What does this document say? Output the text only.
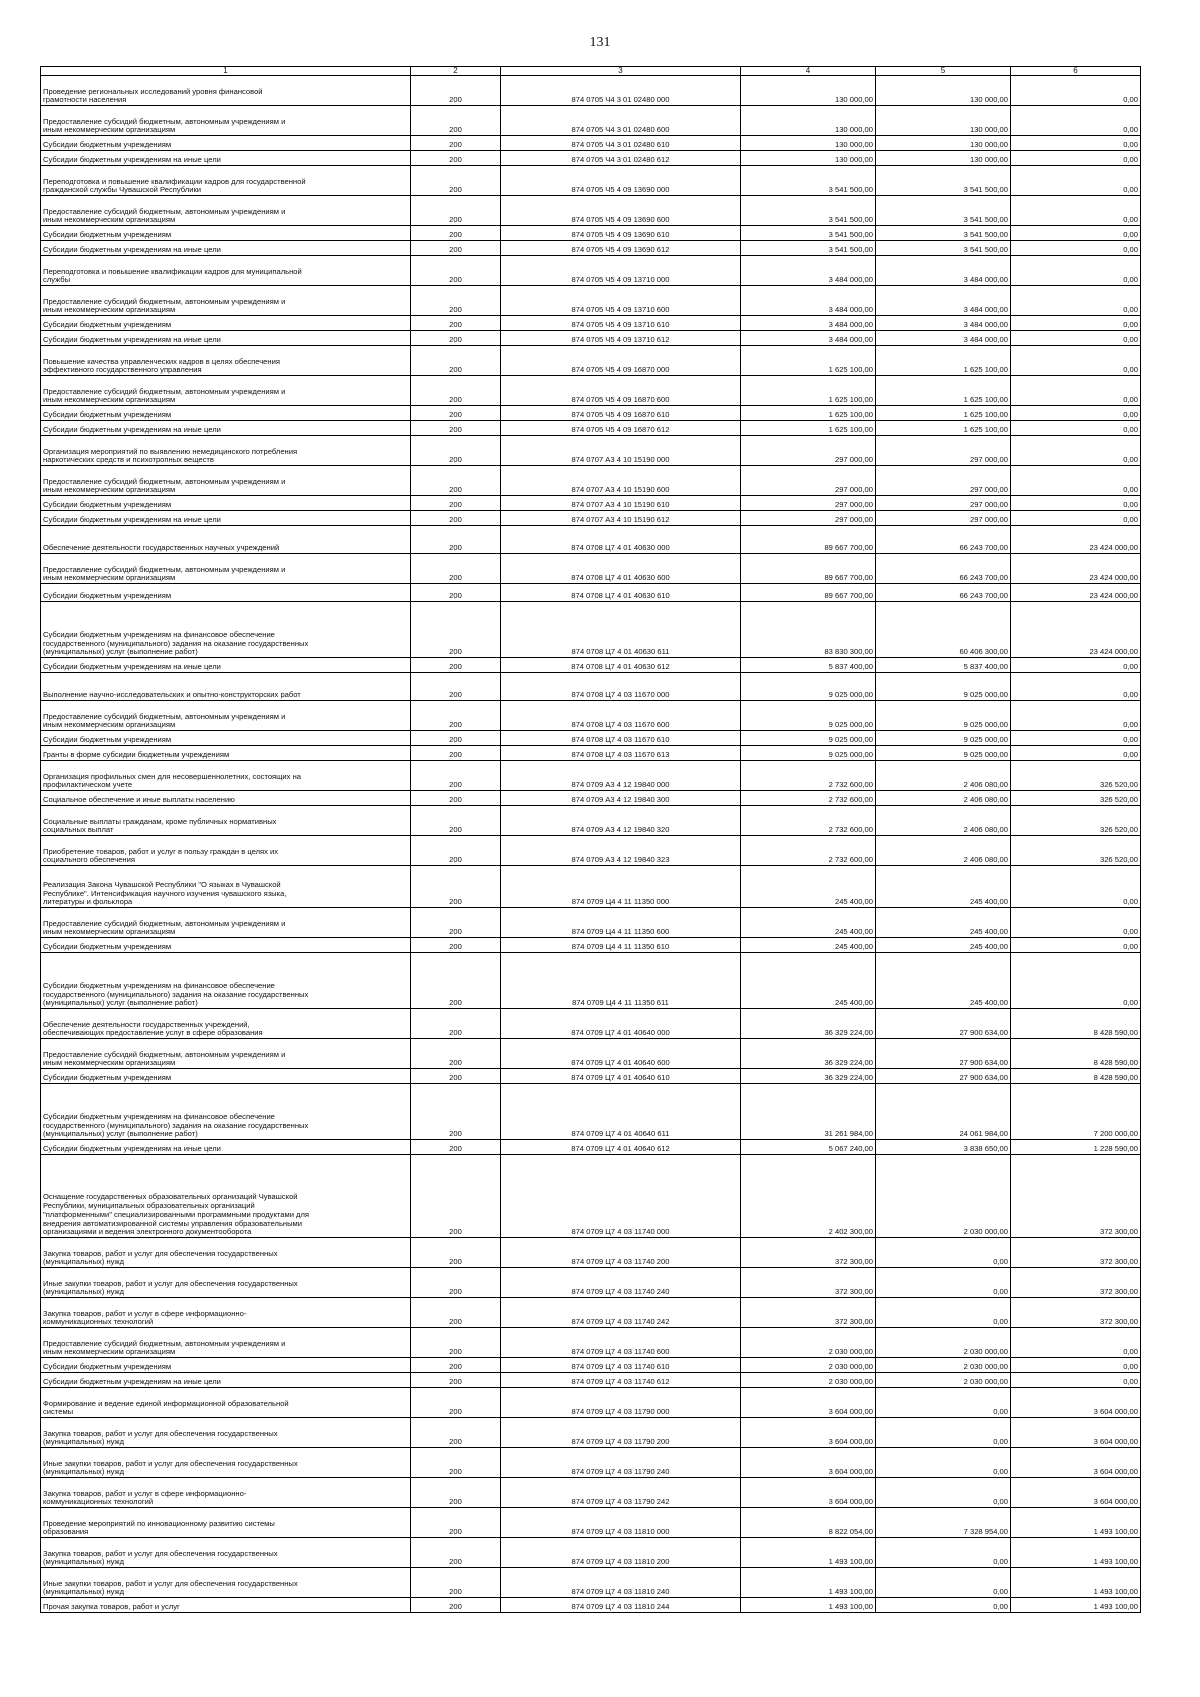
131
1	2	3	4	5	6
Проведение региональных исследований уровня финансовой
грамотности населения	200	874 0705 Ч4 3 01 02480 000	130 000,00	130 000,00	0,00
Предоставление субсидий бюджетным, автономным учреждениям и
иным некоммерческим организациям	200	874 0705 Ч4 3 01 02480 600	130 000,00	130 000,00	0,00
Субсидии бюджетным учреждениям	200	874 0705 Ч4 3 01 02480 610	130 000,00	130 000,00	0,00
Субсидии бюджетным учреждениям на иные цели	200	874 0705 Ч4 3 01 02480 612	130 000,00	130 000,00	0,00
Переподготовка и повышение квалификации кадров для государственной
гражданской службы Чувашской Республики	200	874 0705 Ч5 4 09 13690 000	3 541 500,00	3 541 500,00	0,00
Предоставление субсидий бюджетным, автономным учреждениям и
иным некоммерческим организациям	200	874 0705 Ч5 4 09 13690 600	3 541 500,00	3 541 500,00	0,00
Субсидии бюджетным учреждениям	200	874 0705 Ч5 4 09 13690 610	3 541 500,00	3 541 500,00	0,00
Субсидии бюджетным учреждениям на иные цели	200	874 0705 Ч5 4 09 13690 612	3 541 500,00	3 541 500,00	0,00
Переподготовка и повышение квалификации кадров для муниципальной
службы	200	874 0705 Ч5 4 09 13710 000	3 484 000,00	3 484 000,00	0,00
Предоставление субсидий бюджетным, автономным учреждениям и
иным некоммерческим организациям	200	874 0705 Ч5 4 09 13710 600	3 484 000,00	3 484 000,00	0,00
Субсидии бюджетным учреждениям	200	874 0705 Ч5 4 09 13710 610	3 484 000,00	3 484 000,00	0,00
Субсидии бюджетным учреждениям на иные цели	200	874 0705 Ч5 4 09 13710 612	3 484 000,00	3 484 000,00	0,00
Повышение качества управленческих кадров в целях обеспечения
эффективного государственного управления	200	874 0705 Ч5 4 09 16870 000	1 625 100,00	1 625 100,00	0,00
Предоставление субсидий бюджетным, автономным учреждениям и
иным некоммерческим организациям	200	874 0705 Ч5 4 09 16870 600	1 625 100,00	1 625 100,00	0,00
Субсидии бюджетным учреждениям	200	874 0705 Ч5 4 09 16870 610	1 625 100,00	1 625 100,00	0,00
Субсидии бюджетным учреждениям на иные цели	200	874 0705 Ч5 4 09 16870 612	1 625 100,00	1 625 100,00	0,00
Организация мероприятий по выявлению немедицинского потребления
наркотических средств и психотропных веществ	200	874 0707 А3 4 10 15190 000	297 000,00	297 000,00	0,00
Предоставление субсидий бюджетным, автономным учреждениям и
иным некоммерческим организациям	200	874 0707 А3 4 10 15190 600	297 000,00	297 000,00	0,00
Субсидии бюджетным учреждениям	200	874 0707 А3 4 10 15190 610	297 000,00	297 000,00	0,00
Субсидии бюджетным учреждениям на иные цели	200	874 0707 А3 4 10 15190 612	297 000,00	297 000,00	0,00
Обеспечение деятельности государственных научных учреждений	200	874 0708 Ц7 4 01 40630 000	89 667 700,00	66 243 700,00	23 424 000,00
Предоставление субсидий бюджетным, автономным учреждениям и
иным некоммерческим организациям	200	874 0708 Ц7 4 01 40630 600	89 667 700,00	66 243 700,00	23 424 000,00
Субсидии бюджетным учреждениям	200	874 0708 Ц7 4 01 40630 610	89 667 700,00	66 243 700,00	23 424 000,00
Субсидии бюджетным учреждениям на финансовое обеспечение
государственного (муниципального) задания на оказание государственных
(муниципальных) услуг (выполнение работ)	200	874 0708 Ц7 4 01 40630 611	83 830 300,00	60 406 300,00	23 424 000,00
Субсидии бюджетным учреждениям на иные цели	200	874 0708 Ц7 4 01 40630 612	5 837 400,00	5 837 400,00	0,00
Выполнение научно-исследовательских и опытно-конструкторских работ	200	874 0708 Ц7 4 03 11670 000	9 025 000,00	9 025 000,00	0,00
Предоставление субсидий бюджетным, автономным учреждениям и
иным некоммерческим организациям	200	874 0708 Ц7 4 03 11670 600	9 025 000,00	9 025 000,00	0,00
Субсидии бюджетным учреждениям	200	874 0708 Ц7 4 03 11670 610	9 025 000,00	9 025 000,00	0,00
Гранты в форме субсидии бюджетным учреждениям	200	874 0708 Ц7 4 03 11670 613	9 025 000,00	9 025 000,00	0,00
Организация профильных смен для несовершеннолетних, состоящих на
профилактическом учете	200	874 0709 А3 4 12 19840 000	2 732 600,00	2 406 080,00	326 520,00
Социальное обеспечение и иные выплаты населению	200	874 0709 А3 4 12 19840 300	2 732 600,00	2 406 080,00	326 520,00
Социальные выплаты гражданам, кроме публичных нормативных
социальных выплат	200	874 0709 А3 4 12 19840 320	2 732 600,00	2 406 080,00	326 520,00
Приобретение товаров, работ и услуг в пользу граждан в целях их
социального обеспечения	200	874 0709 А3 4 12 19840 323	2 732 600,00	2 406 080,00	326 520,00
Реализация Закона Чувашской Республики "О языках в Чувашской
Республике". Интенсификация научного изучения чувашского языка,
литературы и фольклора	200	874 0709 Ц4 4 11 11350 000	245 400,00	245 400,00	0,00
Предоставление субсидий бюджетным, автономным учреждениям и
иным некоммерческим организациям	200	874 0709 Ц4 4 11 11350 600	245 400,00	245 400,00	0,00
Субсидии бюджетным учреждениям	200	874 0709 Ц4 4 11 11350 610	245 400,00	245 400,00	0,00
Субсидии бюджетным учреждениям на финансовое обеспечение
государственного (муниципального) задания на оказание государственных
(муниципальных) услуг (выполнение работ)	200	874 0709 Ц4 4 11 11350 611	245 400,00	245 400,00	0,00
Обеспечение деятельности государственных учреждений,
обеспечивающих предоставление услуг в сфере образования	200	874 0709 Ц7 4 01 40640 000	36 329 224,00	27 900 634,00	8 428 590,00
Предоставление субсидий бюджетным, автономным учреждениям и
иным некоммерческим организациям	200	874 0709 Ц7 4 01 40640 600	36 329 224,00	27 900 634,00	8 428 590,00
Субсидии бюджетным учреждениям	200	874 0709 Ц7 4 01 40640 610	36 329 224,00	27 900 634,00	8 428 590,00
Субсидии бюджетным учреждениям на финансовое обеспечение
государственного (муниципального) задания на оказание государственных
(муниципальных) услуг (выполнение работ)	200	874 0709 Ц7 4 01 40640 611	31 261 984,00	24 061 984,00	7 200 000,00
Субсидии бюджетным учреждениям на иные цели	200	874 0709 Ц7 4 01 40640 612	5 067 240,00	3 838 650,00	1 228 590,00
Оснащение государственных образовательных организаций Чувашской
Республики, муниципальных образовательных организаций
"платформенными" специализированными программными продуктами для
внедрения автоматизированной системы управления образовательными
организациями и ведения электронного документооборота	200	874 0709 Ц7 4 03 11740 000	2 402 300,00	2 030 000,00	372 300,00
Закупка товаров, работ и услуг для обеспечения государственных
(муниципальных) нужд	200	874 0709 Ц7 4 03 11740 200	372 300,00	0,00	372 300,00
Иные закупки товаров, работ и услуг для обеспечения государственных
(муниципальных) нужд	200	874 0709 Ц7 4 03 11740 240	372 300,00	0,00	372 300,00
Закупка товаров, работ и услуг в сфере информационно-
коммуникационных технологий	200	874 0709 Ц7 4 03 11740 242	372 300,00	0,00	372 300,00
Предоставление субсидий бюджетным, автономным учреждениям и
иным некоммерческим организациям	200	874 0709 Ц7 4 03 11740 600	2 030 000,00	2 030 000,00	0,00
Субсидии бюджетным учреждениям	200	874 0709 Ц7 4 03 11740 610	2 030 000,00	2 030 000,00	0,00
Субсидии бюджетным учреждениям на иные цели	200	874 0709 Ц7 4 03 11740 612	2 030 000,00	2 030 000,00	0,00
Формирование и ведение единой информационной образовательной
системы	200	874 0709 Ц7 4 03 11790 000	3 604 000,00	0,00	3 604 000,00
Закупка товаров, работ и услуг для обеспечения государственных
(муниципальных) нужд	200	874 0709 Ц7 4 03 11790 200	3 604 000,00	0,00	3 604 000,00
Иные закупки товаров, работ и услуг для обеспечения государственных
(муниципальных) нужд	200	874 0709 Ц7 4 03 11790 240	3 604 000,00	0,00	3 604 000,00
Закупка товаров, работ и услуг в сфере информационно-
коммуникационных технологий	200	874 0709 Ц7 4 03 11790 242	3 604 000,00	0,00	3 604 000,00
Проведение мероприятий по инновационному развитию системы
образования	200	874 0709 Ц7 4 03 11810 000	8 822 054,00	7 328 954,00	1 493 100,00
Закупка товаров, работ и услуг для обеспечения государственных
(муниципальных) нужд	200	874 0709 Ц7 4 03 11810 200	1 493 100,00	0,00	1 493 100,00
Иные закупки товаров, работ и услуг для обеспечения государственных
(муниципальных) нужд	200	874 0709 Ц7 4 03 11810 240	1 493 100,00	0,00	1 493 100,00
Прочая закупка товаров, работ и услуг	200	874 0709 Ц7 4 03 11810 244	1 493 100,00	0,00	1 493 100,00
